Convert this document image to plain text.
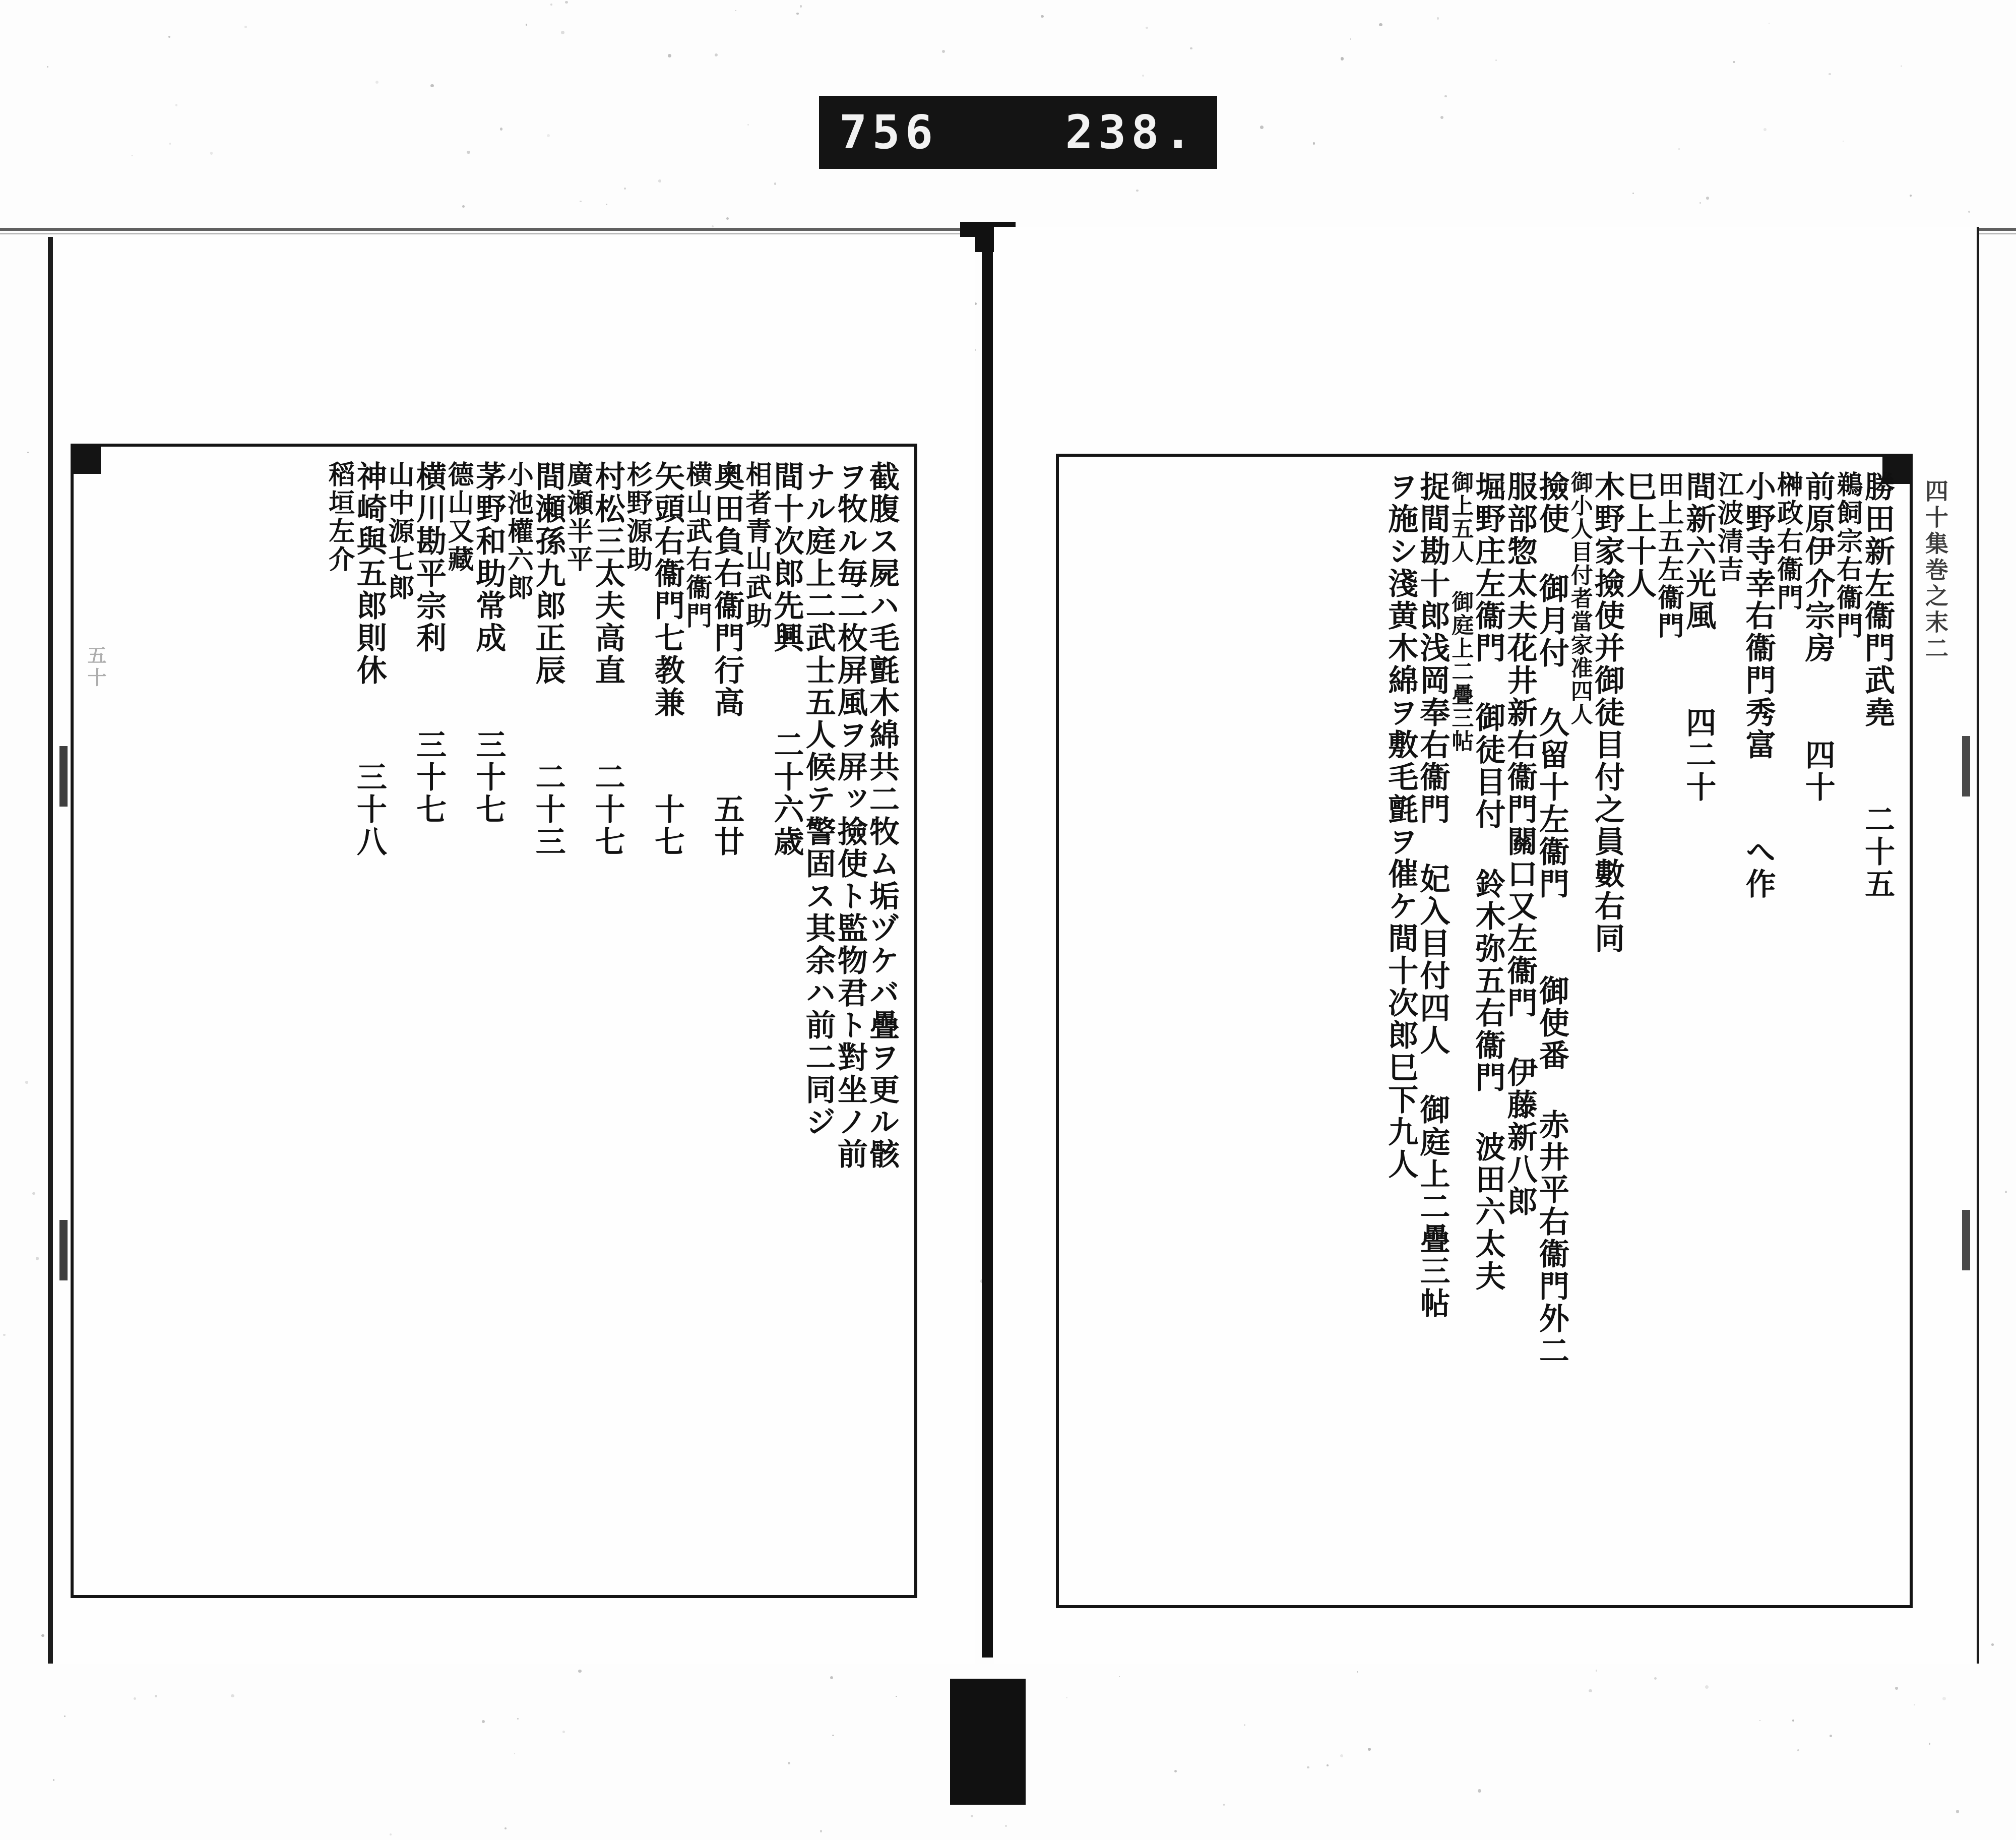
756	238.
截腹ス屍ハ毛氈木綿共二牧ム垢ヅケバ疊ヲ更ル骸
ヲ牧ル毎二枚屏風ヲ屏ッ撿使ト監物君ト對坐ノ前
ナル庭上二武士五人候テ警固ス其余ハ前二同ジ
間十次郎先興  二十六歳
相者青山武助
奧田負右衞門行高  五廿
横山武右衞門
矢頭右衞門七教兼  十七
杉野源助
村松三太夫高直  二十七
廣瀬半平
間瀬孫九郎正辰  二十三
小池權六郎
茅野和助常成  三十七
德山又藏
横川勘平宗利  三十七
山中源七郎
神崎與五郎則休  三十八
稻垣左介	勝田新左衞門武堯  二十五
鵜飼宗右衞門
前原伊介宗房  四十
榊政右衞門
小野寺幸右衞門秀富  へ作
江波清吉
間新六光風  四二十
田上五左衞門
巳上十人
木野家撿使并御徒目付之員數右同
御小人目付者當家准四人
撿使 御月付 久留十左衞門  御使番 赤井平右衞門外二
服部惣太夫花井新右衞門關口又左衞門 伊藤新八郎
堀野庄左衞門 御徒目付 鈴木弥五右衞門 波田六太夫
御上五人 御庭上二疊三帖
捉間勘十郎浅岡奉右衞門 妃入目付四人 御庭上二疊三帖
ヲ施シ淺黄木綿ヲ敷毛氈ヲ催ケ間十次郎巳下九人	四十集巻之末二
五十
